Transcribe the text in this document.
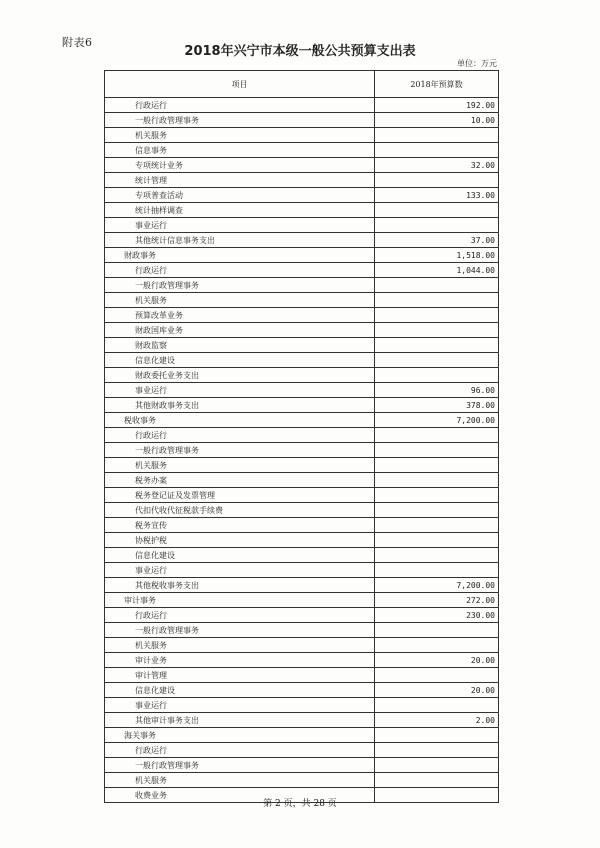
附表6
2018年兴宁市本级一般公共预算支出表
单位：万元
项目	2018年预算数
行政运行	192.00
一般行政管理事务	10.00
机关服务	
信息事务	
专项统计业务	32.00
统计管理	
专项普查活动	133.00
统计抽样调查	
事业运行	
其他统计信息事务支出	37.00
财政事务	1,518.00
行政运行	1,044.00
一般行政管理事务	
机关服务	
预算改革业务	
财政国库业务	
财政监察	
信息化建设	
财政委托业务支出	
事业运行	96.00
其他财政事务支出	378.00
税收事务	7,200.00
行政运行	
一般行政管理事务	
机关服务	
税务办案	
税务登记证及发票管理	
代扣代收代征税款手续费	
税务宣传	
协税护税	
信息化建设	
事业运行	
其他税收事务支出	7,200.00
审计事务	272.00
行政运行	230.00
一般行政管理事务	
机关服务	
审计业务	20.00
审计管理	
信息化建设	20.00
事业运行	
其他审计事务支出	2.00
海关事务	
行政运行	
一般行政管理事务	
机关服务	
收费业务	
第 2 页，共 28 页
